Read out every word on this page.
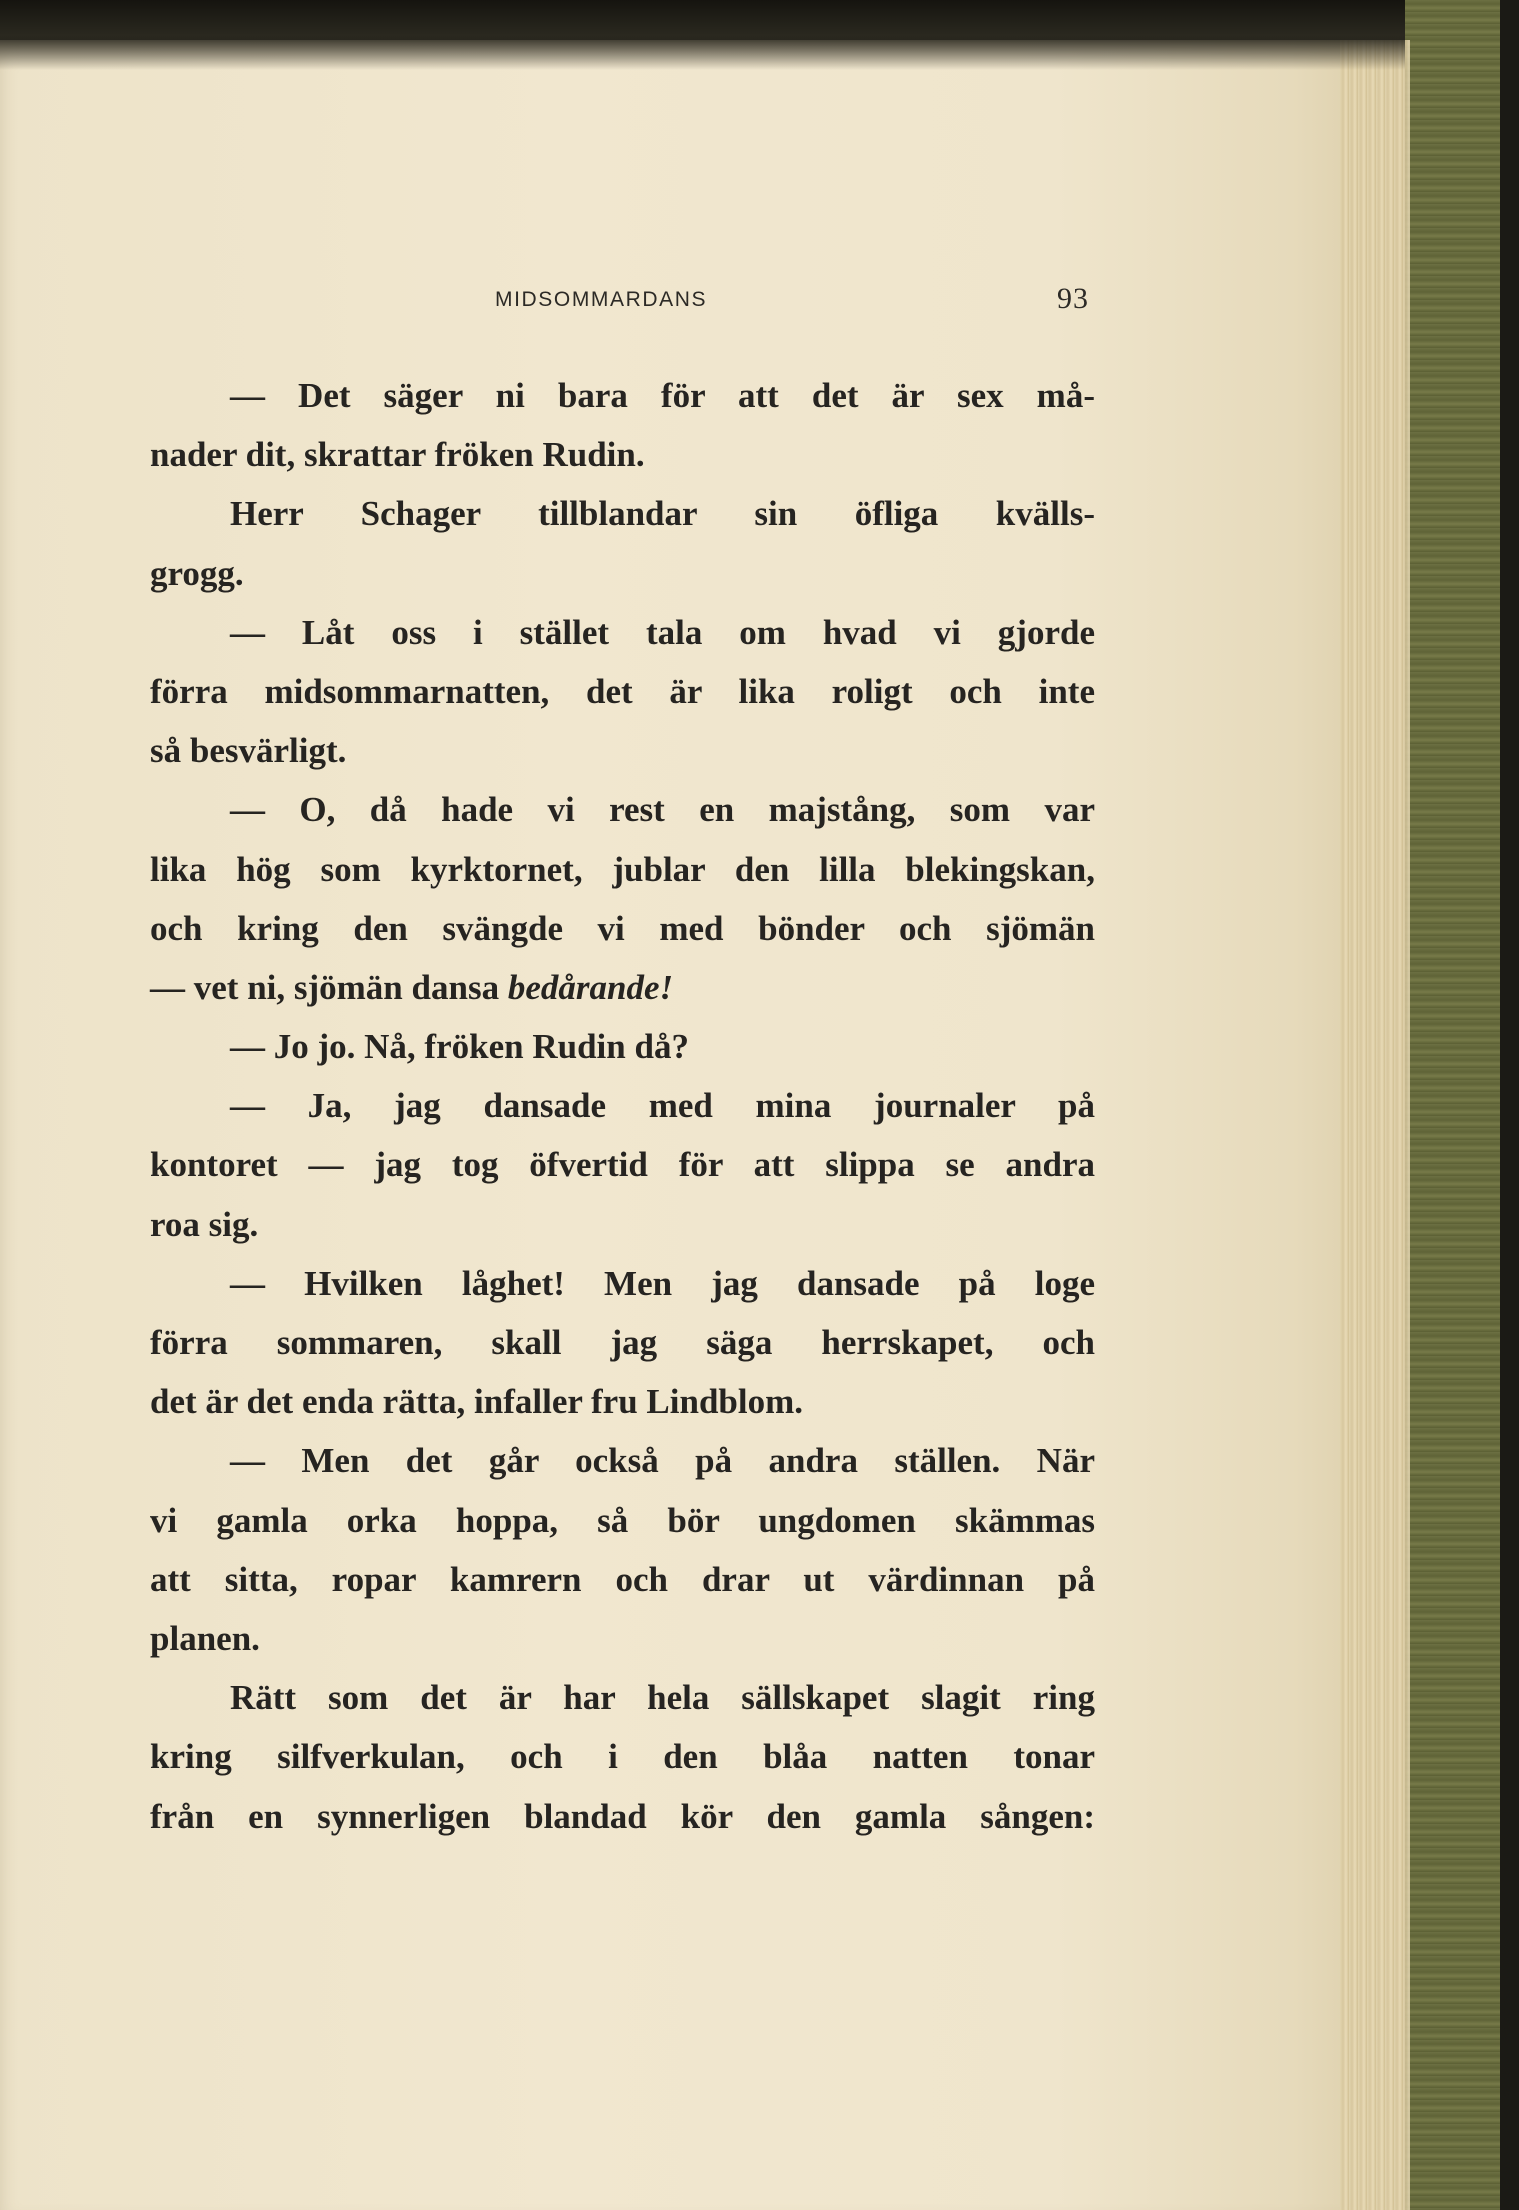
MIDSOMMARDANS	93
— Det säger ni bara för att det är sex må-
nader dit, skrattar fröken Rudin.
Herr Schager tillblandar sin öfliga kvälls-
grogg.
— Låt oss i stället tala om hvad vi gjorde
förra midsommarnatten, det är lika roligt och inte
så besvärligt.
— O, då hade vi rest en majstång, som var
lika hög som kyrktornet, jublar den lilla blekingskan,
och kring den svängde vi med bönder och sjömän
— vet ni, sjömän dansa bedårande!
— Jo jo. Nå, fröken Rudin då?
— Ja, jag dansade med mina journaler på
kontoret — jag tog öfvertid för att slippa se andra
roa sig.
— Hvilken låghet! Men jag dansade på loge
förra sommaren, skall jag säga herrskapet, och
det är det enda rätta, infaller fru Lindblom.
— Men det går också på andra ställen. När
vi gamla orka hoppa, så bör ungdomen skämmas
att sitta, ropar kamrern och drar ut värdinnan på
planen.
Rätt som det är har hela sällskapet slagit ring
kring silfverkulan, och i den blåa natten tonar
från en synnerligen blandad kör den gamla sången:
